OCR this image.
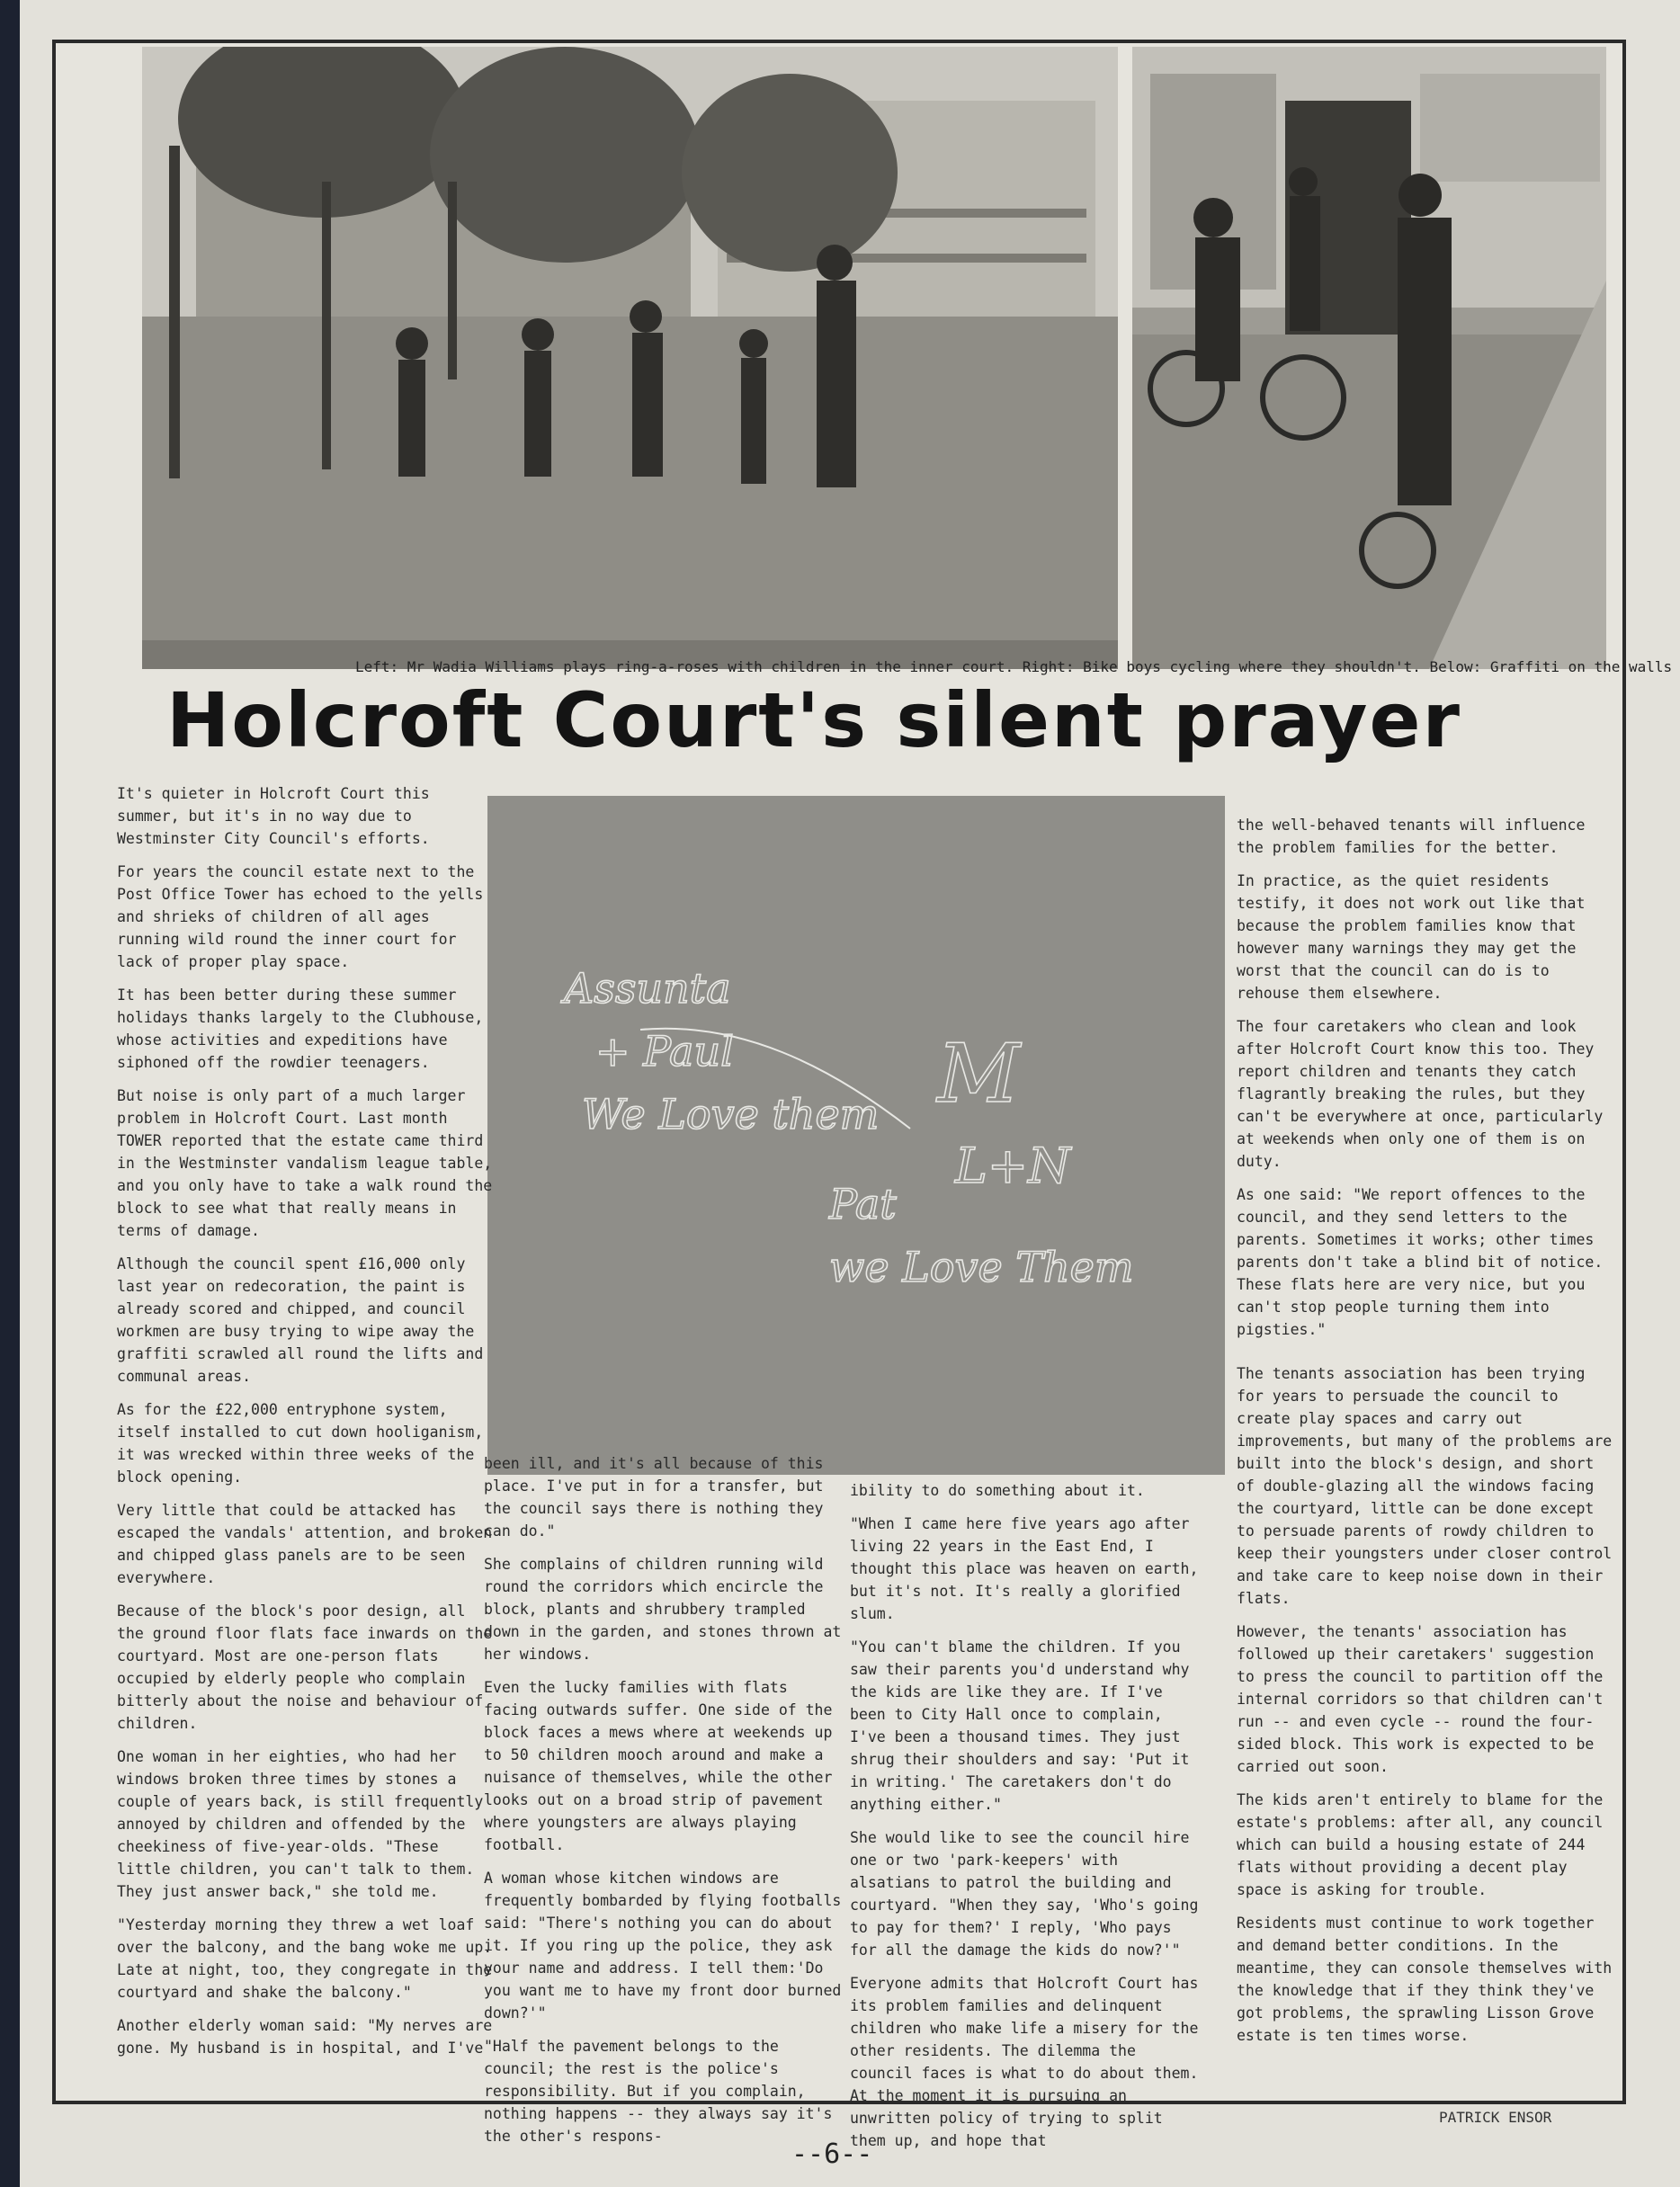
Left: Mr Wadia Williams plays ring-a-roses with children in the inner court. Right: Bike boys cycling where they shouldn't. Below: Graffiti on the walls
Holcroft Court's silent prayer
Assunta
+ Paul
We Love them M
L+N
Pat
we Love Them

It's quieter in Holcroft Court this summer, but it's in no way due to Westminster City Council's efforts.

For years the council estate next to the Post Office Tower has echoed to the yells and shrieks of children of all ages running wild round the inner court for lack of proper play space.

It has been better during these summer holidays thanks largely to the Clubhouse, whose activities and expeditions have siphoned off the rowdier teenagers.

But noise is only part of a much larger problem in Holcroft Court. Last month TOWER reported that the estate came third in the Westminster vandalism league table, and you only have to take a walk round the block to see what that really means in terms of damage.

Although the council spent £16,000 only last year on redecoration, the paint is already scored and chipped, and council workmen are busy trying to wipe away the graffiti scrawled all round the lifts and communal areas.

As for the £22,000 entryphone system, itself installed to cut down hooliganism, it was wrecked within three weeks of the block opening.

Very little that could be attacked has escaped the vandals' attention, and broken and chipped glass panels are to be seen everywhere.

Because of the block's poor design, all the ground floor flats face inwards on the courtyard. Most are one-person flats occupied by elderly people who complain bitterly about the noise and behaviour of children.

One woman in her eighties, who had her windows broken three times by stones a couple of years back, is still frequently annoyed by children and offended by the cheekiness of five-year-olds. "These little children, you can't talk to them. They just answer back," she told me.

"Yesterday morning they threw a wet loaf over the balcony, and the bang woke me up. Late at night, too, they congregate in the courtyard and shake the balcony."

Another elderly woman said: "My nerves are gone. My husband is in hospital, and I've

been ill, and it's all because of this place. I've put in for a transfer, but the council says there is nothing they can do."

She complains of children running wild round the corridors which encircle the block, plants and shrubbery trampled down in the garden, and stones thrown at her windows.

Even the lucky families with flats facing outwards suffer. One side of the block faces a mews where at weekends up to 50 children mooch around and make a nuisance of themselves, while the other looks out on a broad strip of pavement where youngsters are always playing football.

A woman whose kitchen windows are frequently bombarded by flying footballs said: "There's nothing you can do about it. If you ring up the police, they ask your name and address. I tell them:'Do you want me to have my front door burned down?'"

"Half the pavement belongs to the council; the rest is the police's responsibility. But if you complain, nothing happens -- they always say it's the other's respons-

ibility to do something about it.

"When I came here five years ago after living 22 years in the East End, I thought this place was heaven on earth, but it's not. It's really a glorified slum.

"You can't blame the children. If you saw their parents you'd understand why the kids are like they are. If I've been to City Hall once to complain, I've been a thousand times. They just shrug their shoulders and say: 'Put it in writing.' The caretakers don't do anything either."

She would like to see the council hire one or two 'park-keepers' with alsatians to patrol the building and courtyard. "When they say, 'Who's going to pay for them?' I reply, 'Who pays for all the damage the kids do now?'"

Everyone admits that Holcroft Court has its problem families and delinquent children who make life a misery for the other residents. The dilemma the council faces is what to do about them. At the moment it is pursuing an unwritten policy of trying to split them up, and hope that

the well-behaved tenants will influence the problem families for the better.

In practice, as the quiet residents testify, it does not work out like that because the problem families know that however many warnings they may get the worst that the council can do is to rehouse them elsewhere.

The four caretakers who clean and look after Holcroft Court know this too. They report children and tenants they catch flagrantly breaking the rules, but they can't be everywhere at once, particularly at weekends when only one of them is on duty.

As one said: "We report offences to the council, and they send letters to the parents. Sometimes it works; other times parents don't take a blind bit of notice. These flats here are very nice, but you can't stop people turning them into pigsties."

The tenants association has been trying for years to persuade the council to create play spaces and carry out improvements, but many of the problems are built into the block's design, and short of double-glazing all the windows facing the courtyard, little can be done except to persuade parents of rowdy children to keep their youngsters under closer control and take care to keep noise down in their flats.

However, the tenants' association has followed up their caretakers' suggestion to press the council to partition off the internal corridors so that children can't run -- and even cycle -- round the four-sided block. This work is expected to be carried out soon.

The kids aren't entirely to blame for the estate's problems: after all, any council which can build a housing estate of 244 flats without providing a decent play space is asking for trouble.

Residents must continue to work together and demand better conditions. In the meantime, they can console themselves with the knowledge that if they think they've got problems, the sprawling Lisson Grove estate is ten times worse.

PATRICK ENSOR
--6--
